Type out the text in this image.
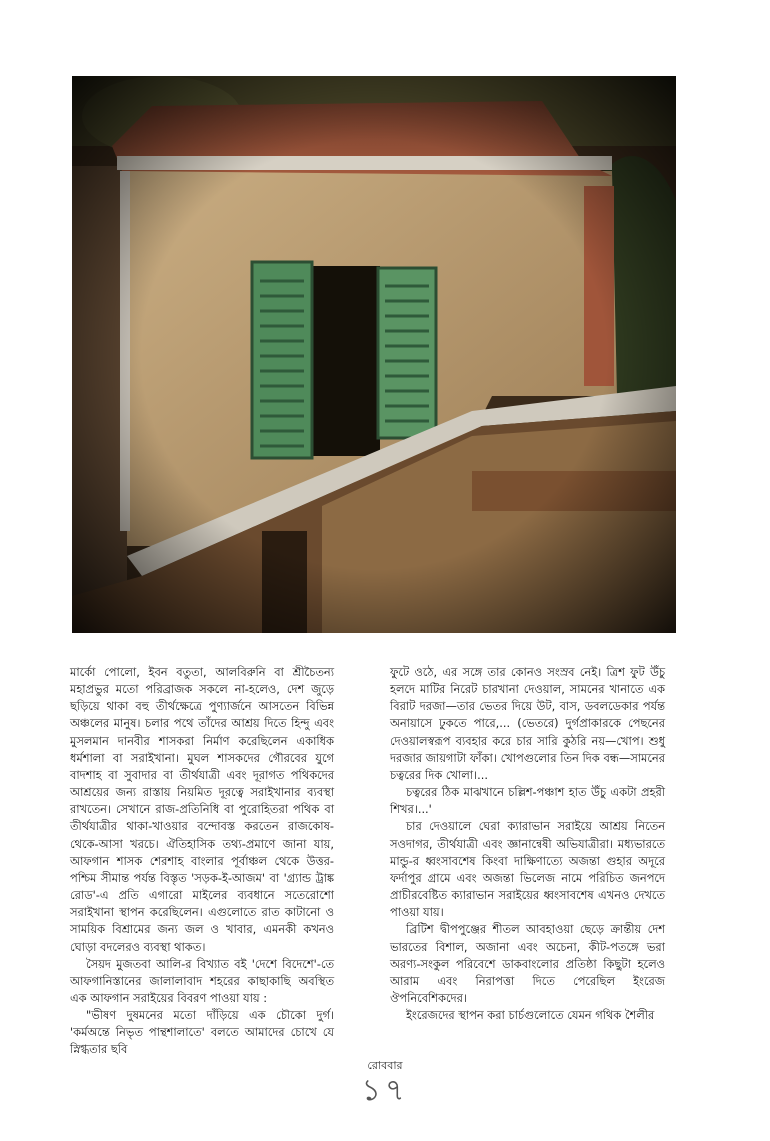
মার্কো পোলো, ইবন বতুতা, আলবিরুনি বা শ্রীচৈতন্য মহাপ্রভুর মতো পরিব্রাজক সকলে না-হলেও, দেশ জুড়ে ছড়িয়ে থাকা বহু তীর্থক্ষেত্রে পুণ্যার্জনে আসতেন বিভিন্ন অঞ্চলের মানুষ। চলার পথে তাঁদের আশ্রয় দিতে হিন্দু এবং মুসলমান দানবীর শাসকরা নির্মাণ করেছিলেন একাধিক ধর্মশালা বা সরাইখানা। মুঘল শাসকদের গৌরবের যুগে বাদশাহ বা সুবাদার বা তীর্থযাত্রী এবং দূরাগত পথিকদের আশ্রয়ের জন্য রাস্তায় নিয়মিত দূরত্বে সরাইখানার ব্যবস্থা রাখতেন। সেখানে রাজ-প্রতিনিধি বা পুরোহিতরা পথিক বা তীর্থযাত্রীর থাকা-খাওয়ার বন্দোবস্ত করতেন রাজকোষ-থেকে-আসা খরচে। ঐতিহাসিক তথ্য-প্রমাণে জানা যায়, আফগান শাসক শেরশাহ বাংলার পূর্বাঞ্চল থেকে উত্তর-পশ্চিম সীমান্ত পর্যন্ত বিস্তৃত 'সড়ক-ই-আজম' বা 'গ্র্যান্ড ট্রাঙ্ক রোড'-এ প্রতি এগারো মাইলের ব্যবধানে সতেরোশো সরাইখানা স্থাপন করেছিলেন। এগুলোতে রাত কাটানো ও সাময়িক বিশ্রামের জন্য জল ও খাবার, এমনকী কখনও ঘোড়া বদলেরও ব্যবস্থা থাকত।

সৈয়দ মুজতবা আলি-র বিখ্যাত বই 'দেশে বিদেশে'-তে আফগানিস্তানের জালালাবাদ শহরের কাছাকাছি অবস্থিত এক আফগান সরাইয়ের বিবরণ পাওয়া যায় :

"ভীষণ দুষমনের মতো দাঁড়িয়ে এক চৌকো দুর্গ। 'কর্মঅন্তে নিভৃত পান্থশালাতে' বলতে আমাদের চোখে যে স্নিগ্ধতার ছবি

ফুটে ওঠে, এর সঙ্গে তার কোনও সংস্রব নেই। ত্রিশ ফুট উঁচু হলদে মাটির নিরেট চারখানা দেওয়াল, সামনের খানাতে এক বিরাট দরজা—তার ভেতর দিয়ে উট, বাস, ডবলডেকার পর্যন্ত অনায়াসে ঢুকতে পারে,... (ভেতরে) দুর্গপ্রাকারকে পেছনের দেওয়ালস্বরূপ ব্যবহার করে চার সারি কুঠরি নয়—খোপ। শুধু দরজার জায়গাটা ফাঁকা। খোপগুলোর তিন দিক বন্ধ—সামনের চত্বরের দিক খোলা।...

চত্বরের ঠিক মাঝখানে চল্লিশ-পঞ্চাশ হাত উঁচু একটা প্রহরী শিখর।...'

চার দেওয়ালে ঘেরা ক্যারাভান সরাইয়ে আশ্রয় নিতেন সওদাগর, তীর্থযাত্রী এবং জ্ঞানান্বেষী অভিযাত্রীরা। মধ্যভারতে মান্ডু-র ধ্বংসাবশেষ কিংবা দাক্ষিণাত্যে অজন্তা গুহার অদূরে ফর্দাপুর গ্রামে এবং অজন্তা ভিলেজ নামে পরিচিত জনপদে প্রাচীরবেষ্টিত ক্যারাভান সরাইয়ের ধ্বংসাবশেষ এখনও দেখতে পাওয়া যায়।

ব্রিটিশ দ্বীপপুঞ্জের শীতল আবহাওয়া ছেড়ে ক্রান্তীয় দেশ ভারতের বিশাল, অজানা এবং অচেনা, কীট-পতঙ্গে ভরা অরণ্য-সংকুল পরিবেশে ডাকবাংলোর প্রতিষ্ঠা কিছুটা হলেও আরাম এবং নিরাপত্তা দিতে পেরেছিল ইংরেজ ঔপনিবেশিকদের।

ইংরেজদের স্থাপন করা চার্চগুলোতে যেমন গথিক শৈলীর

রোববার
১৭
